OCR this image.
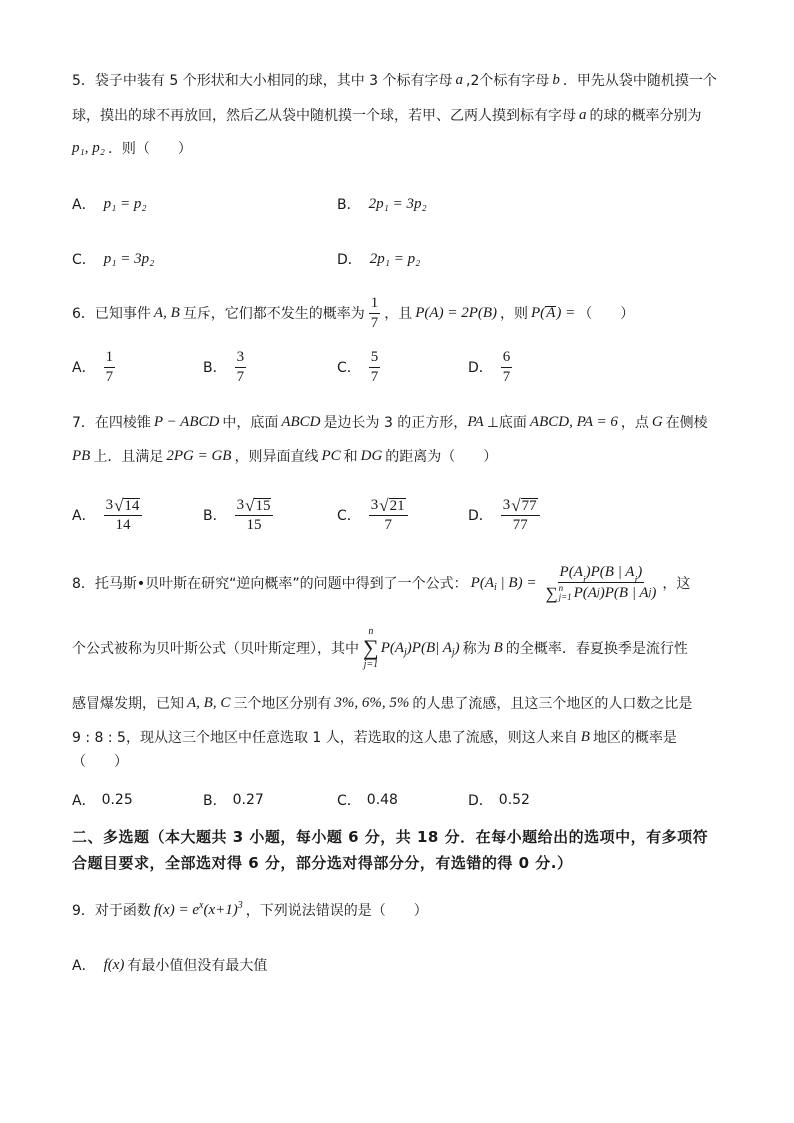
5．袋子中装有 5 个形状和大小相同的球，其中 3 个标有字母 a ,2个标有字母 b ．甲先从袋中随机摸一个
球，摸出的球不再放回，然后乙从袋中随机摸一个球，若甲、乙两人摸到标有字母 a 的球的概率分别为
p₁, p₂ ．则（　　）
A． p₁ = p₂	B． 2p₁ = 3p₂
C． p₁ = 3p₂	D． 2p₁ = p₂
6．已知事件 A, B 互斥，它们都不发生的概率为 $\frac{1}{7}$ ，且 P(A) = 2P(B) ，则 P(A) = （　　）
A． $\frac{1}{7}$	B． $\frac{3}{7}$	C． $\frac{5}{7}$	D． $\frac{6}{7}$
7．在四棱锥 P − ABCD 中，底面 ABCD 是边长为 3 的正方形， PA ⊥底面 ABCD, PA = 6 ，点 G 在侧棱
PB 上．且满足 2PG = GB ，则异面直线 PC 和 DG 的距离为（　　）
A． $\frac{3 √ 14}{14}$	B． $\frac{3 √ 15}{15}$	C． $\frac{3 √ 21}{7}$	D． $\frac{3 √ 77}{77}$
8．托马斯•贝叶斯在研究“逆向概率”的问题中得到了一个公式： $P(A_i$ | B) =
P(A
i
)P(B | A
i
)
∑ n
j=1 P(A j )P(B | A j )
，这
个公式被称为贝叶斯公式（贝叶斯定理），其中
n
∑
j=1
$P(A_j)P(B|$ $A_j$) 称为 B 的全概率．春夏换季是流行性
感冒爆发期，已知 A, B, C 三个地区分别有 3%, 6%, 5% 的人患了流感，且这三个地区的人口数之比是
9 : 8 : 5，现从这三个地区中任意选取 1 人，若选取的这人患了流感，则这人来自 B 地区的概率是
（　　）
A． 0.25	B． 0.27	C． 0.48	D． 0.52
二、多选题（本大题共 3 小题，每小题 6 分，共 18 分．在每小题给出的选项中，有多项符
合题目要求，全部选对得 6 分，部分选对得部分分，有选错的得 0 分.）
9．对于函数 $f(x) = e^x(x+1)^3$ ，下列说法错误的是（　　）
A． f(x) 有最小值但没有最大值
